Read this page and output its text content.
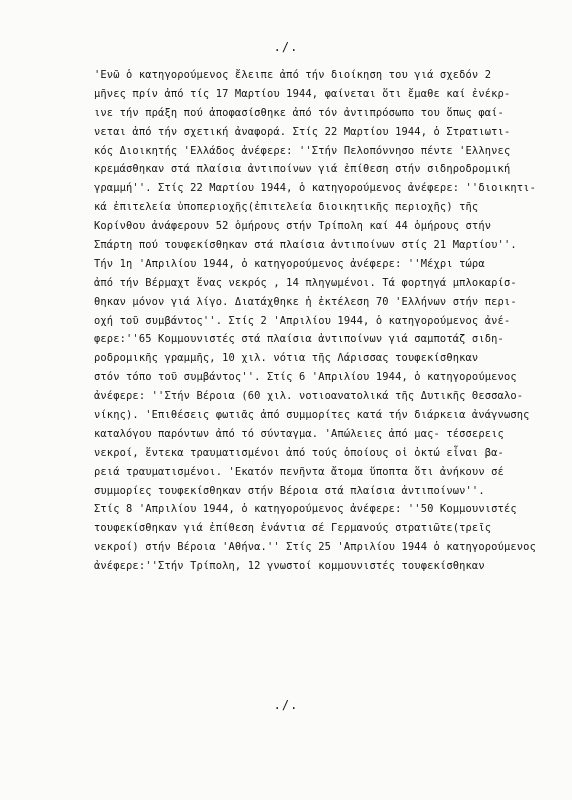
./.
'Ενῶ ὁ κατηγορούμενος ἔλειπε ἀπό τήν διοίκηση του γιά σχεδόν 2
μῆνες πρίν ἀπό τίς 17 Μαρτίου 1944, φαίνεται ὅτι ἔμαθε καί ἐνέκρ-
ινε τήν πράξη πού ἀποφασίσθηκε ἀπό τόν ἀντιπρόσωπο του ὅπως φαί-
νεται ἀπό τήν σχετική ἀναφορά. Στίς 22 Μαρτίου 1944, ὁ Στρατιωτι-
κός Διοικητής 'Ελλάδος ἀνέφερε: ''Στήν Πελοπόννησο πέντε 'Ελληνες
κρεμάσθηκαν στά πλαίσια ἀντιποίνων γιά ἐπίθεση στήν σιδηροδρομική
γραμμή''. Στίς 22 Μαρτίου 1944, ὁ κατηγορούμενος ἀνέφερε: ''διοικητι-
κά ἐπιτελεία ὑποπεριοχῆς(ἐπιτελεία διοικητικῆς περιοχῆς) τῆς
Κορίνθου ἀνάφερουν 52 ὁμήρους στήν Τρίπολη καί 44 ὁμήρους στήν
Σπάρτη πού τουφεκίσθηκαν στά πλαίσια ἀντιποίνων στίς 21 Μαρτίου''.
Τήν 1η 'Απριλίου 1944, ὁ κατηγορούμενος ἀνέφερε: ''Μέχρι τώρα
ἀπό τήν Βέρμαχτ ἕνας νεκρός , 14 πληγωμένοι. Τά φορτηγά μπλοκαρίσ-
θηκαν μόνον γιά λίγο. Διατάχθηκε ἡ ἐκτέλεση 70 'Ελλήνων στήν περι-
οχή τοῦ συμβάντος''. Στίς 2 'Απριλίου 1944, ὁ κατηγορούμενος ἀνέ-
φερε:''65 Κομμουνιστές στά πλαίσια ἀντιποίνων γιά σαμποτάζ σιδη-
ροδρομικῆς γραμμῆς, 10 χιλ. νότια τῆς Λάρισσας τουφεκίσθηκαν
στόν τόπο τοῦ συμβάντος''. Στίς 6 'Απριλίου 1944, ὁ κατηγορούμενος
ἀνέφερε: ''Στήν Βέροια (60 χιλ. νοτιοανατολικά τῆς Δυτικῆς Θεσσαλο-
νίκης). 'Επιθέσεις φωτιᾶς ἀπό συμμορίτες κατά τήν διάρκεια ἀνάγνωσης
καταλόγου παρόντων ἀπό τό σύνταγμα. 'Απώλειες ἀπό μας- τέσσερεις
νεκροί, ἕντεκα τραυματισμένοι ἀπό τούς ὁποίους οἱ ὀκτώ εἶναι βα-
ρειά τραυματισμένοι. 'Εκατόν πενῆντα ἄτομα ὕποπτα ὅτι ἀνήκουν σέ
συμμορίες τουφεκίσθηκαν στήν Βέροια στά πλαίσια ἀντιποίνων''.
Στίς 8 'Απριλίου 1944, ὁ κατηγορούμενος ἀνέφερε: ''50 Κομμουνιστές
τουφεκίσθηκαν γιά ἐπίθεση ἐνάντια σέ Γερμανούς στρατιῶτε(τρεῖς
νεκροί) στήν Βέροια 'Αθήνα.'' Στίς 25 'Απριλίου 1944 ὁ κατηγορούμενος
ἀνέφερε:''Στήν Τρίπολη, 12 γνωστοί κομμουνιστές τουφεκίσθηκαν
./.
